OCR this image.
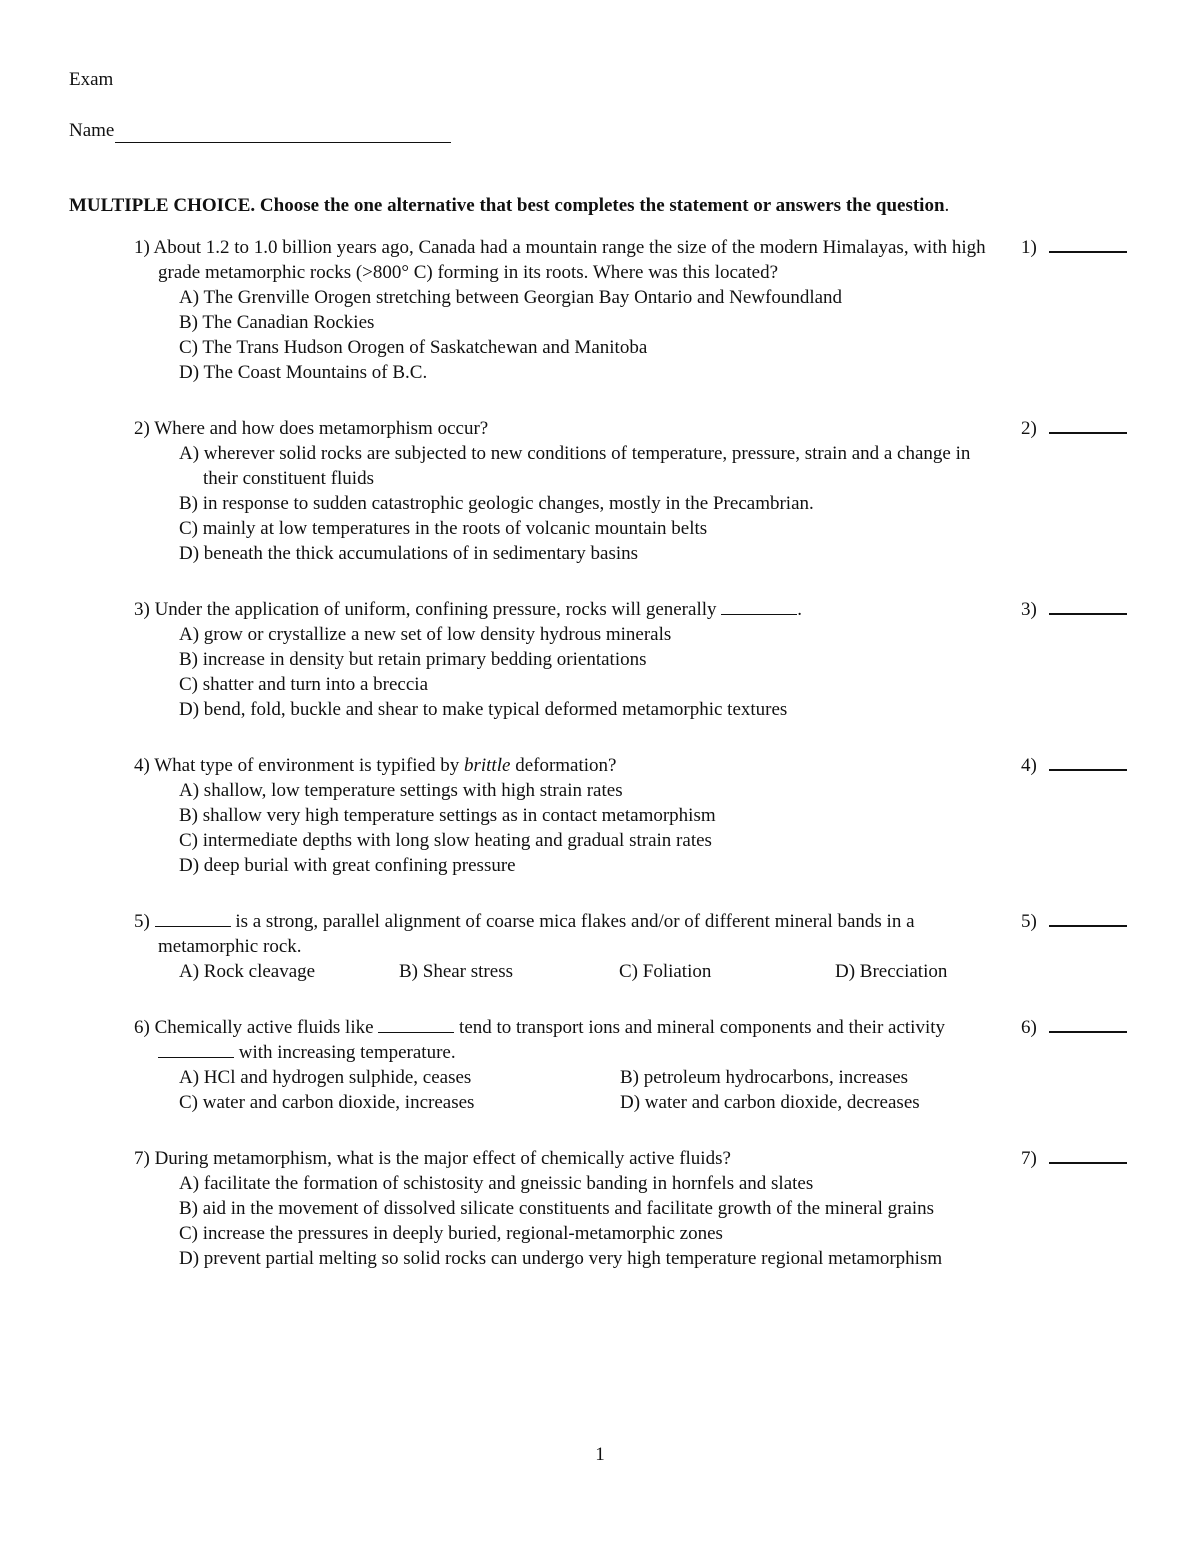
Exam
Name
MULTIPLE CHOICE. Choose the one alternative that best completes the statement or answers the question.
1) About 1.2 to 1.0 billion years ago, Canada had a mountain range the size of the modern Himalayas, with high grade metamorphic rocks (>800° C) forming in its roots. Where was this located?
A) The Grenville Orogen stretching between Georgian Bay Ontario and Newfoundland
B) The Canadian Rockies
C) The Trans Hudson Orogen of Saskatchewan and Manitoba
D) The Coast Mountains of B.C.
1)
2) Where and how does metamorphism occur?
A) wherever solid rocks are subjected to new conditions of temperature, pressure, strain and a change in their constituent fluids
B) in response to sudden catastrophic geologic changes, mostly in the Precambrian.
C) mainly at low temperatures in the roots of volcanic mountain belts
D) beneath the thick accumulations of in sedimentary basins
2)
3) Under the application of uniform, confining pressure, rocks will generally	.
A) grow or crystallize a new set of low density hydrous minerals
B) increase in density but retain primary bedding orientations
C) shatter and turn into a breccia
D) bend, fold, buckle and shear to make typical deformed metamorphic textures
3)
4) What type of environment is typified by brittle deformation?
A) shallow, low temperature settings with high strain rates
B) shallow very high temperature settings as in contact metamorphism
C) intermediate depths with long slow heating and gradual strain rates
D) deep burial with great confining pressure
4)
5)	is a strong, parallel alignment of coarse mica flakes and/or of different mineral bands in a metamorphic rock.
A) Rock cleavage	B) Shear stress	C) Foliation	D) Brecciation
5)
6) Chemically active fluids like	tend to transport ions and mineral components and their activity  with increasing temperature.
A) HCl and hydrogen sulphide, ceases	B) petroleum hydrocarbons, increases
C) water and carbon dioxide, increases	D) water and carbon dioxide, decreases
6)
7) During metamorphism, what is the major effect of chemically active fluids?
A) facilitate the formation of schistosity and gneissic banding in hornfels and slates
B) aid in the movement of dissolved silicate constituents and facilitate growth of the mineral grains
C) increase the pressures in deeply buried, regional-metamorphic zones
D) prevent partial melting so solid rocks can undergo very high temperature regional metamorphism
7)
1
